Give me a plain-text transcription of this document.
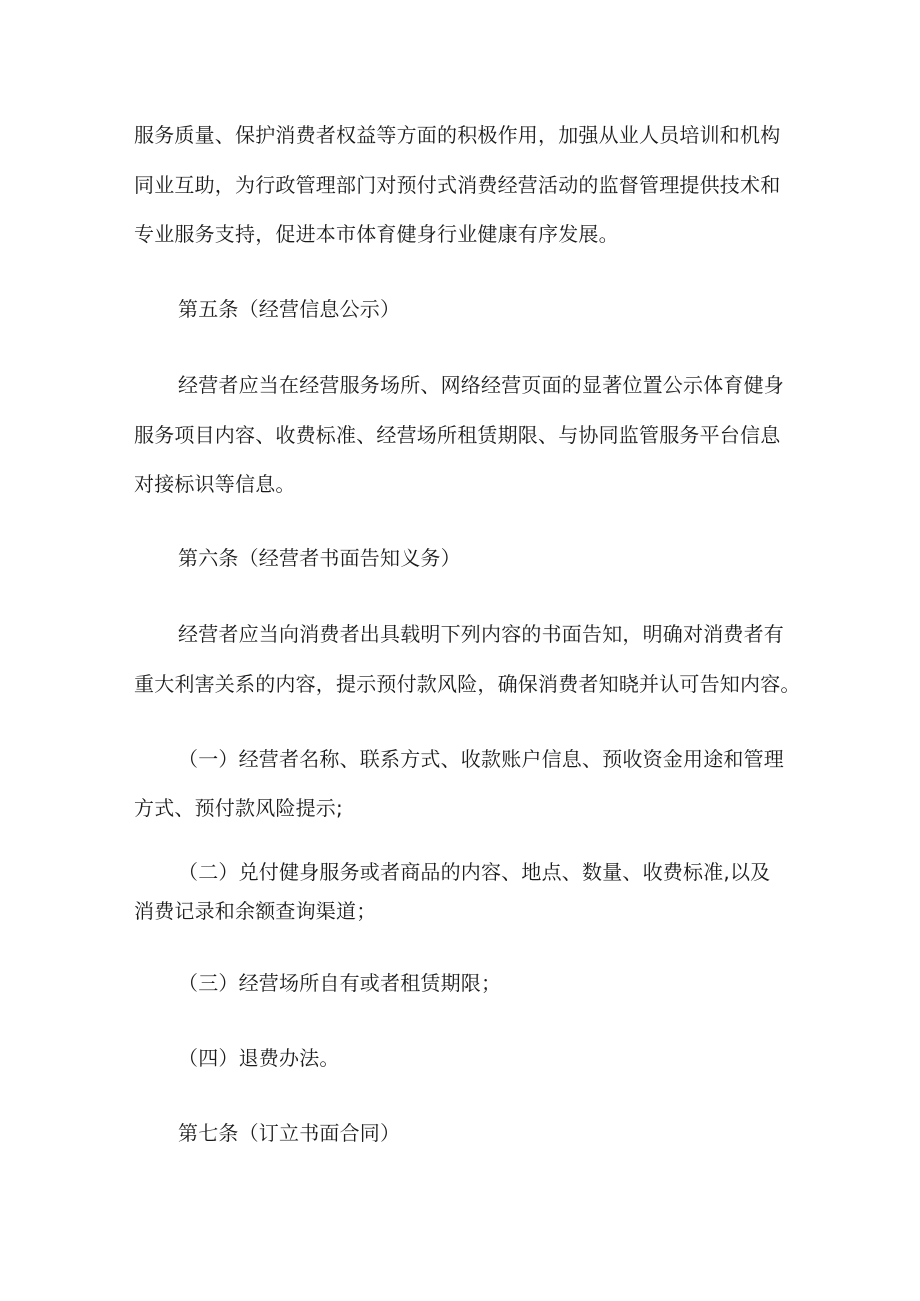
服务质量、保护消费者权益等方面的积极作用，加强从业人员培训和机构
同业互助，为行政管理部门对预付式消费经营活动的监督管理提供技术和
专业服务支持，促进本市体育健身行业健康有序发展。
第五条（经营信息公示）
经营者应当在经营服务场所、网络经营页面的显著位置公示体育健身
服务项目内容、收费标准、经营场所租赁期限、与协同监管服务平台信息
对接标识等信息。
第六条（经营者书面告知义务）
经营者应当向消费者出具载明下列内容的书面告知，明确对消费者有
重大利害关系的内容，提示预付款风险，确保消费者知晓并认可告知内容。
（一）经营者名称、联系方式、收款账户信息、预收资金用途和管理
方式、预付款风险提示;
（二）兑付健身服务或者商品的内容、地点、数量、收费标准,以及
消费记录和余额查询渠道；
（三）经营场所自有或者租赁期限；
（四）退费办法。
第七条（订立书面合同）
